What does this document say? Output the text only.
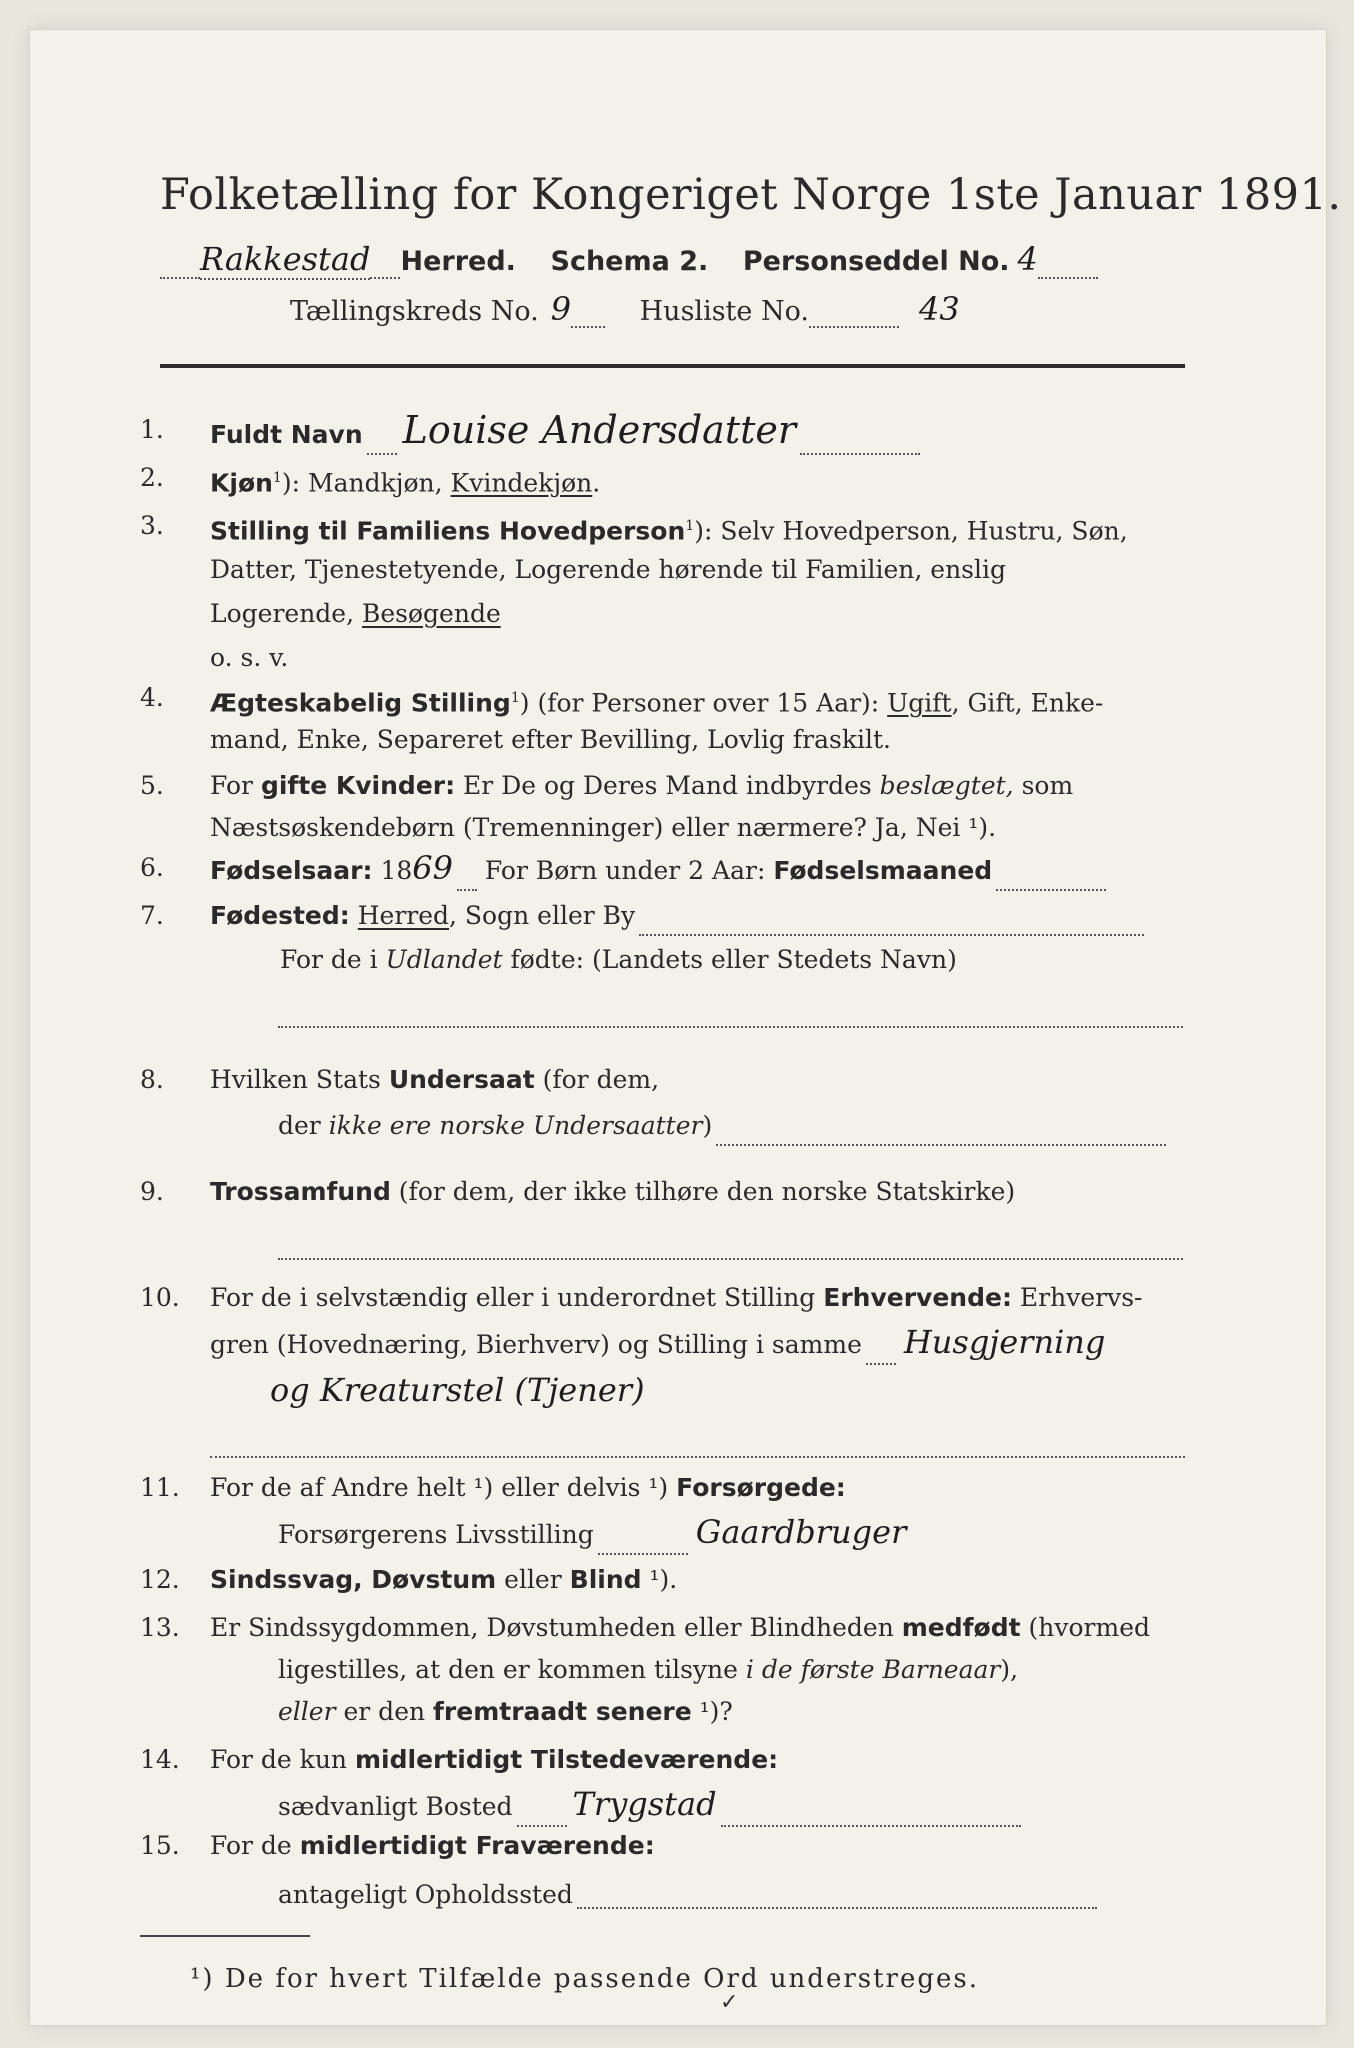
Folketælling for Kongeriget Norge 1ste Januar 1891.
Rakkestad Herred. Schema 2. Personseddel No. 4
Tællingskreds No. 9	Husliste No.	43
1.	Fuldt Navn Louise Andersdatter
2.	Kjøn$^1$): Mandkjøn, Kvindekjøn.
3.	Stilling til Familiens Hovedperson$^1$): Selv Hovedperson, Hustru, Søn,
Datter, Tjenestetyende, Logerende hørende til Familien, enslig
Logerende, Besøgende
o. s. v.
4.	Ægteskabelig Stilling$^1$) (for Personer over 15 Aar): Ugift, Gift, Enke-
mand, Enke, Separeret efter Bevilling, Lovlig fraskilt.
5.	For gifte Kvinder: Er De og Deres Mand indbyrdes beslægtet, som
Næstsøskendebørn (Tremenninger) eller nærmere? Ja, Nei ¹).
6.	Fødselsaar: 1869 For Børn under 2 Aar: Fødselsmaaned
7.	Fødested: Herred, Sogn eller By
For de i Udlandet fødte: (Landets eller Stedets Navn)
8.	Hvilken Stats Undersaat (for dem,
der ikke ere norske Undersaatter)
9.	Trossamfund (for dem, der ikke tilhøre den norske Statskirke)
10.	For de i selvstændig eller i underordnet Stilling Erhvervende: Erhvervs-
gren (Hovednæring, Bierhverv) og Stilling i samme Husgjerning
og Kreaturstel (Tjener)
11.	For de af Andre helt ¹) eller delvis ¹) Forsørgede:
Forsørgerens Livsstilling	Gaardbruger
12.	Sindssvag, Døvstum eller Blind ¹).
13.	Er Sindssygdommen, Døvstumheden eller Blindheden medfødt (hvormed
ligestilles, at den er kommen tilsyne i de første Barneaar),
eller er den fremtraadt senere ¹)?
14.	For de kun midlertidigt Tilstedeværende:
sædvanligt Bosted Trygstad
15.	For de midlertidigt Fraværende:
antageligt Opholdssted
¹) De for hvert Tilfælde passende Ord understreges.
✓
